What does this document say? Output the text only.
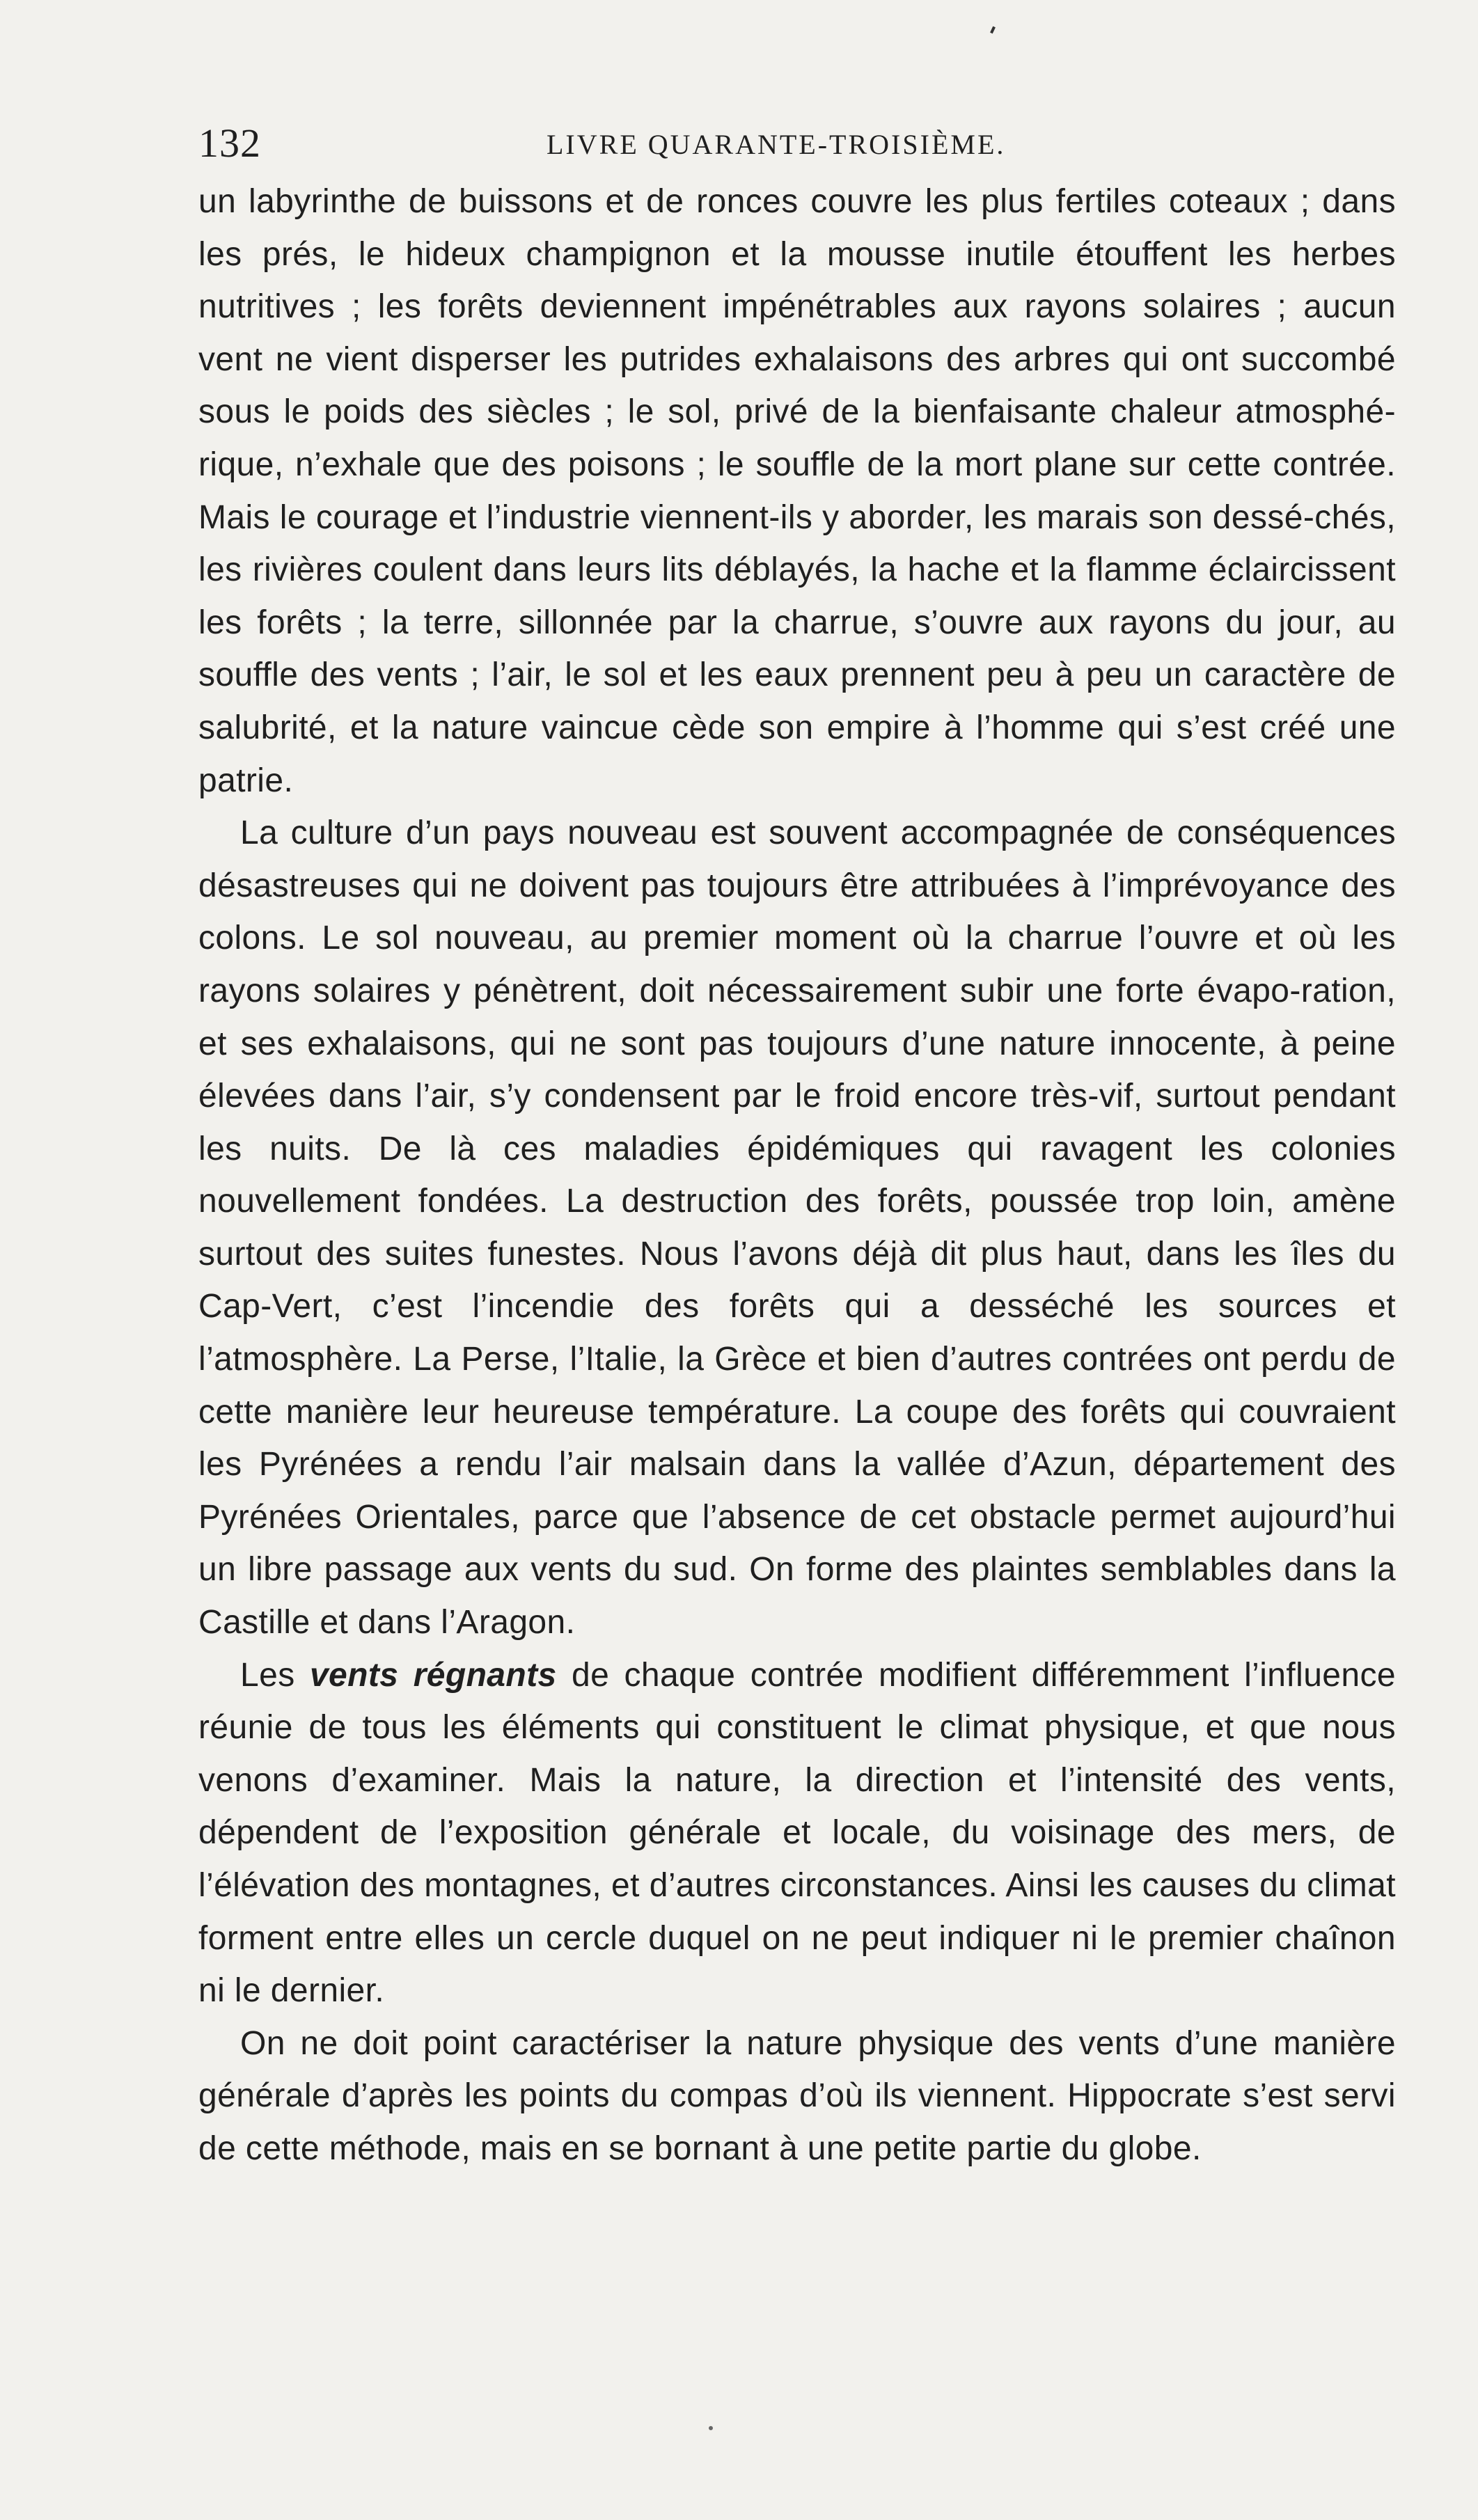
132	LIVRE QUARANTE-TROISIÈME.

un labyrinthe de buissons et de ronces couvre les plus fertiles coteaux ; dans les prés, le hideux champignon et la mousse inutile étouffent les herbes nutritives ; les forêts deviennent impénétrables aux rayons solaires ; aucun vent ne vient disperser les putrides exhalaisons des arbres qui ont succombé sous le poids des siècles ; le sol, privé de la bienfaisante chaleur atmosphé-rique, n’exhale que des poisons ; le souffle de la mort plane sur cette contrée. Mais le courage et l’industrie viennent-ils y aborder, les marais son dessé-chés, les rivières coulent dans leurs lits déblayés, la hache et la flamme éclaircissent les forêts ; la terre, sillonnée par la charrue, s’ouvre aux rayons du jour, au souffle des vents ; l’air, le sol et les eaux prennent peu à peu un caractère de salubrité, et la nature vaincue cède son empire à l’homme qui s’est créé une patrie.

La culture d’un pays nouveau est souvent accompagnée de conséquences désastreuses qui ne doivent pas toujours être attribuées à l’imprévoyance des colons. Le sol nouveau, au premier moment où la charrue l’ouvre et où les rayons solaires y pénètrent, doit nécessairement subir une forte évapo-ration, et ses exhalaisons, qui ne sont pas toujours d’une nature innocente, à peine élevées dans l’air, s’y condensent par le froid encore très-vif, surtout pendant les nuits. De là ces maladies épidémiques qui ravagent les colonies nouvellement fondées. La destruction des forêts, poussée trop loin, amène surtout des suites funestes. Nous l’avons déjà dit plus haut, dans les îles du Cap-Vert, c’est l’incendie des forêts qui a desséché les sources et l’atmosphère. La Perse, l’Italie, la Grèce et bien d’autres contrées ont perdu de cette manière leur heureuse température. La coupe des forêts qui couvraient les Pyrénées a rendu l’air malsain dans la vallée d’Azun, département des Pyrénées Orientales, parce que l’absence de cet obstacle permet aujourd’hui un libre passage aux vents du sud. On forme des plaintes semblables dans la Castille et dans l’Aragon.

Les vents régnants de chaque contrée modifient différemment l’influence réunie de tous les éléments qui constituent le climat physique, et que nous venons d’examiner. Mais la nature, la direction et l’intensité des vents, dépendent de l’exposition générale et locale, du voisinage des mers, de l’élévation des montagnes, et d’autres circonstances. Ainsi les causes du climat forment entre elles un cercle duquel on ne peut indiquer ni le premier chaînon ni le dernier.

On ne doit point caractériser la nature physique des vents d’une manière générale d’après les points du compas d’où ils viennent. Hippocrate s’est servi de cette méthode, mais en se bornant à une petite partie du globe.
